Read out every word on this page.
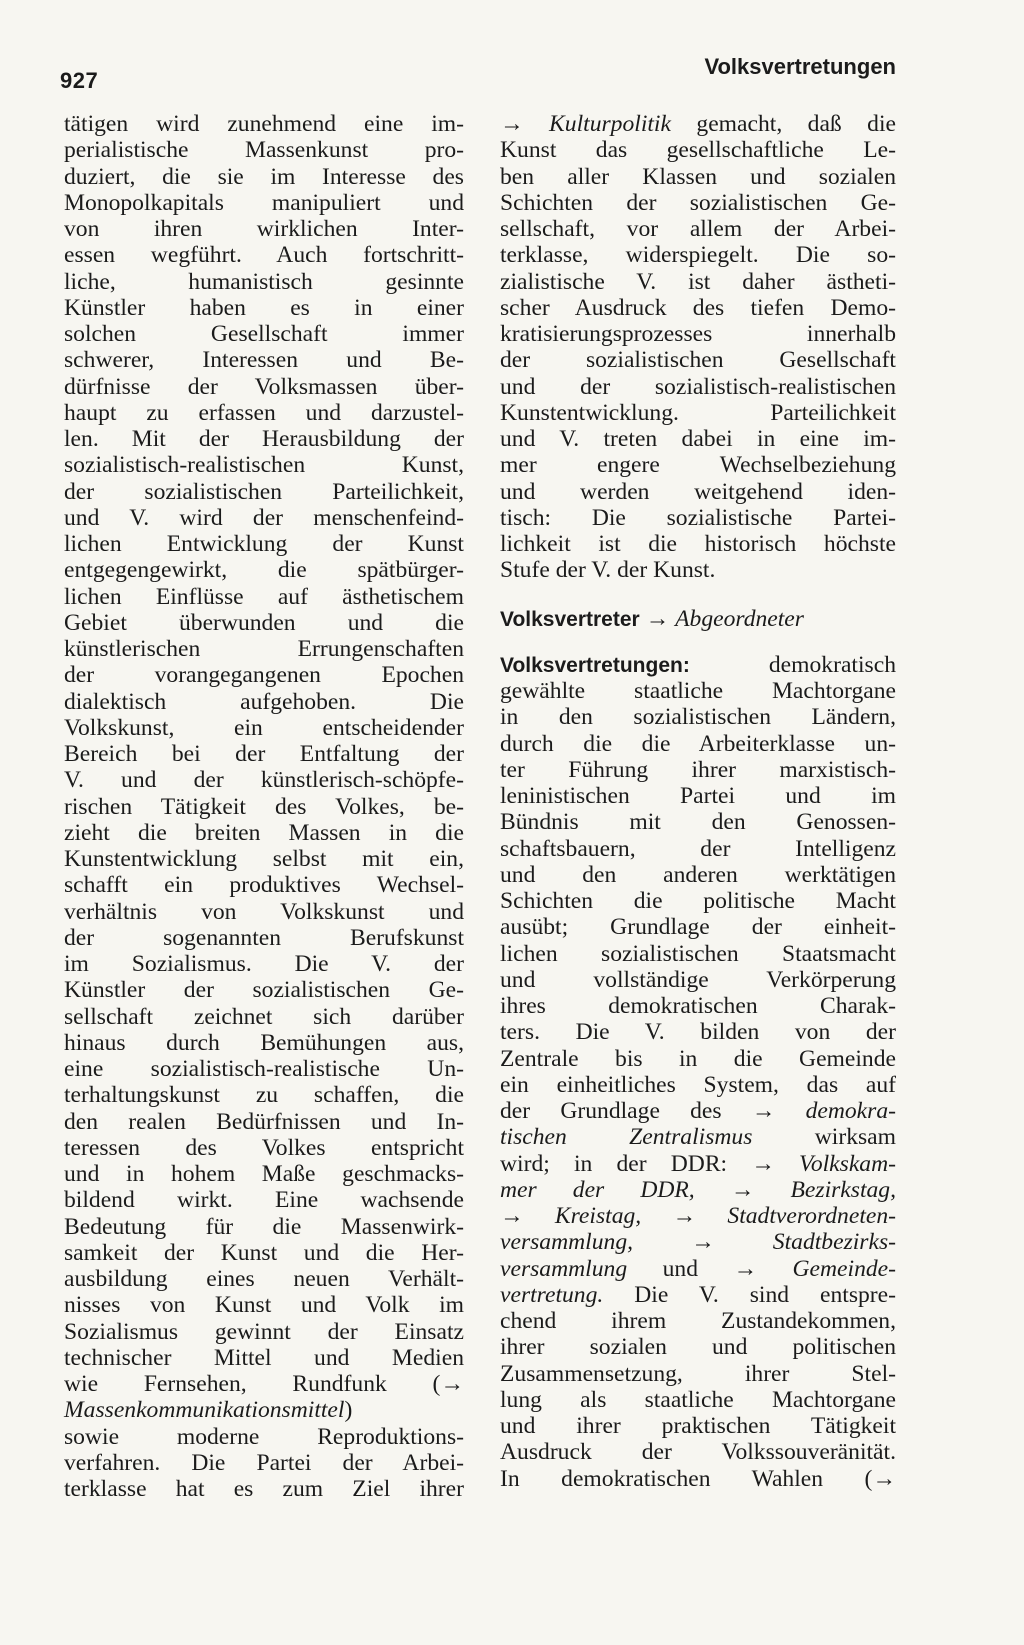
927
Volksvertretungen
tätigen wird zunehmend eine im-
perialistische Massenkunst pro-
duziert, die sie im Interesse des
Monopolkapitals manipuliert und
von ihren wirklichen Inter-
essen wegführt. Auch fortschritt-
liche, humanistisch gesinnte
Künstler haben es in einer
solchen Gesellschaft immer
schwerer, Interessen und Be-
dürfnisse der Volksmassen über-
haupt zu erfassen und darzustel-
len. Mit der Herausbildung der
sozialistisch-realistischen Kunst,
der sozialistischen Parteilichkeit,
und V. wird der menschenfeind-
lichen Entwicklung der Kunst
entgegengewirkt, die spätbürger-
lichen Einflüsse auf ästhetischem
Gebiet überwunden und die
künstlerischen Errungenschaften
der vorangegangenen Epochen
dialektisch aufgehoben. Die
Volkskunst, ein entscheidender
Bereich bei der Entfaltung der
V. und der künstlerisch-schöpfe-
rischen Tätigkeit des Volkes, be-
zieht die breiten Massen in die
Kunstentwicklung selbst mit ein,
schafft ein produktives Wechsel-
verhältnis von Volkskunst und
der sogenannten Berufskunst
im Sozialismus. Die V. der
Künstler der sozialistischen Ge-
sellschaft zeichnet sich darüber
hinaus durch Bemühungen aus,
eine sozialistisch-realistische Un-
terhaltungskunst zu schaffen, die
den realen Bedürfnissen und In-
teressen des Volkes entspricht
und in hohem Maße geschmacks-
bildend wirkt. Eine wachsende
Bedeutung für die Massenwirk-
samkeit der Kunst und die Her-
ausbildung eines neuen Verhält-
nisses von Kunst und Volk im
Sozialismus gewinnt der Einsatz
technischer Mittel und Medien
wie Fernsehen, Rundfunk (→
Massenkommunikationsmittel)
sowie moderne Reproduktions-
verfahren. Die Partei der Arbei-
terklasse hat es zum Ziel ihrer
→ Kulturpolitik gemacht, daß die
Kunst das gesellschaftliche Le-
ben aller Klassen und sozialen
Schichten der sozialistischen Ge-
sellschaft, vor allem der Arbei-
terklasse, widerspiegelt. Die so-
zialistische V. ist daher ästheti-
scher Ausdruck des tiefen Demo-
kratisierungsprozesses innerhalb
der sozialistischen Gesellschaft
und der sozialistisch-realistischen
Kunstentwicklung. Parteilichkeit
und V. treten dabei in eine im-
mer engere Wechselbeziehung
und werden weitgehend iden-
tisch: Die sozialistische Partei-
lichkeit ist die historisch höchste
Stufe der V. der Kunst.
Volksvertreter → Abgeordneter
Volksvertretungen: demokratisch
gewählte staatliche Machtorgane
in den sozialistischen Ländern,
durch die die Arbeiterklasse un-
ter Führung ihrer marxistisch-
leninistischen Partei und im
Bündnis mit den Genossen-
schaftsbauern, der Intelligenz
und den anderen werktätigen
Schichten die politische Macht
ausübt; Grundlage der einheit-
lichen sozialistischen Staatsmacht
und vollständige Verkörperung
ihres demokratischen Charak-
ters. Die V. bilden von der
Zentrale bis in die Gemeinde
ein einheitliches System, das auf
der Grundlage des → demokra-
tischen Zentralismus wirksam
wird; in der DDR: → Volkskam-
mer der DDR, → Bezirkstag,
→ Kreistag, → Stadtverordneten-
versammlung, → Stadtbezirks-
versammlung und → Gemeinde-
vertretung. Die V. sind entspre-
chend ihrem Zustandekommen,
ihrer sozialen und politischen
Zusammensetzung, ihrer Stel-
lung als staatliche Machtorgane
und ihrer praktischen Tätigkeit
Ausdruck der Volkssouveränität.
In demokratischen Wahlen (→
